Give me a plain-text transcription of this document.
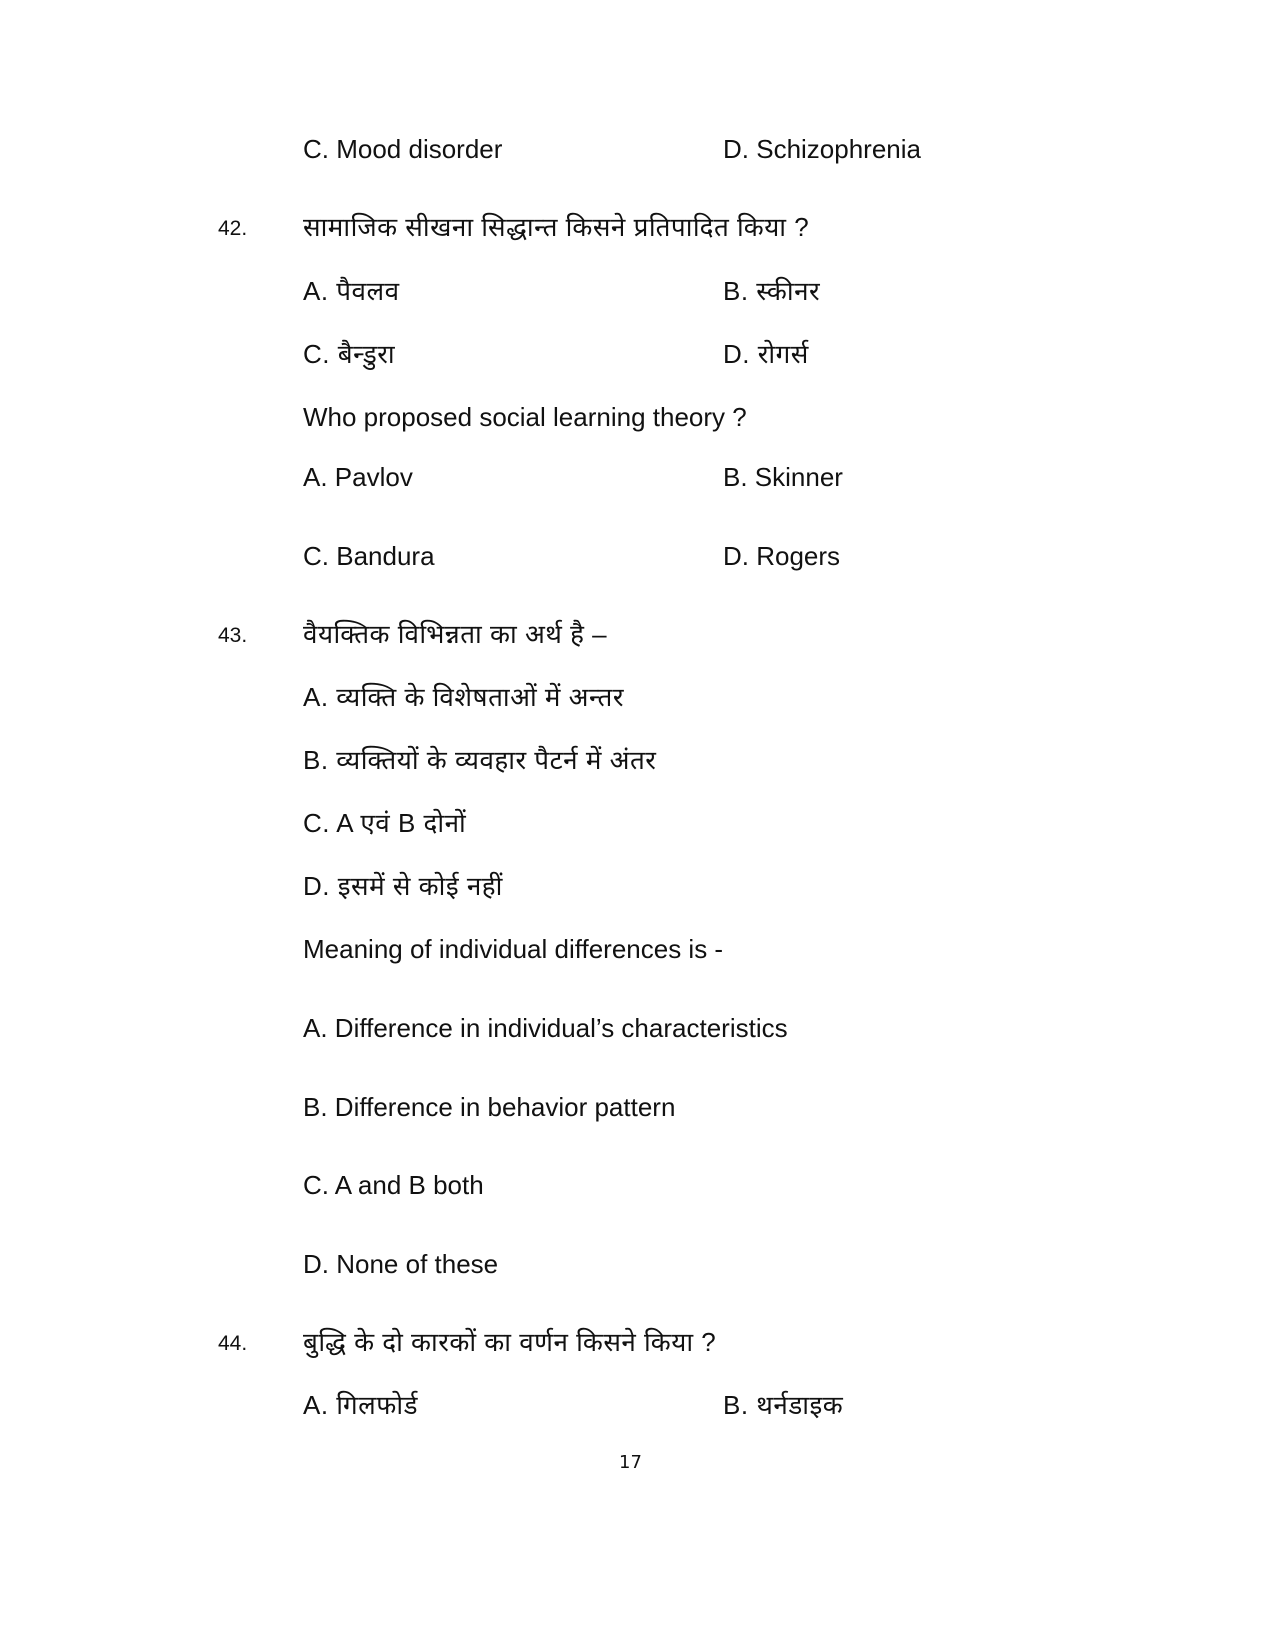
C. Mood disorder	D. Schizophrenia
42. सामाजिक सीखना सिद्धान्त किसने प्रतिपादित किया ?
A. पैवलव	B. स्कीनर
C. बैन्डुरा	D. रोगर्स
Who proposed social learning theory ?
A. Pavlov	B. Skinner
C. Bandura	D. Rogers
43. वैयक्तिक विभिन्नता का अर्थ है –
A. व्यक्ति के विशेषताओं में अन्तर
B. व्यक्तियों के व्यवहार पैटर्न में अंतर
C. A एवं B दोनों
D. इसमें से कोई नहीं
Meaning of individual differences is -
A. Difference in individual’s characteristics
B. Difference in behavior pattern
C. A and B both
D. None of these
44. बुद्धि के दो कारकों का वर्णन किसने किया ?
A. गिलफोर्ड	B. थर्नडाइक
17
